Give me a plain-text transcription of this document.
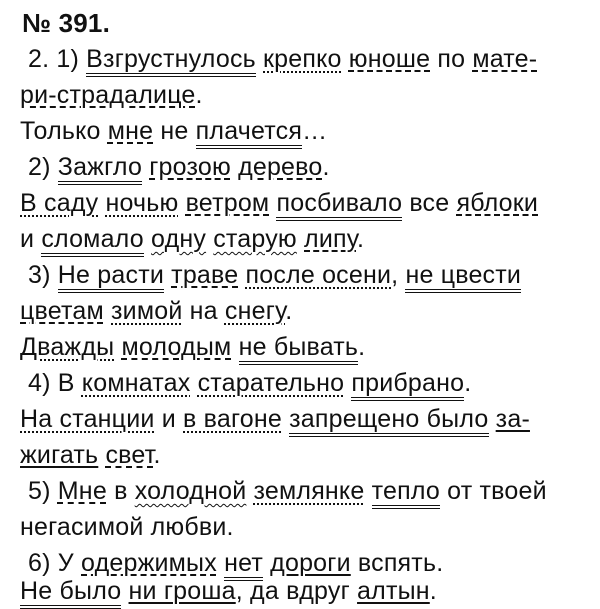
№ 391.
2. 1) Взгрустнулось крепко юноше по мате-
ри-страдалице.
Только мне не плачется…
2) Зажгло грозою дерево.
В саду ночью ветром посбивало все яблоки
и сломало одну старую липу.
3) Не расти траве после осени, не цвести
цветам зимой на снегу.
Дважды молодым не бывать.
4) В комнатах старательно прибрано.
На станции и в вагоне запрещено было за-
жигать свет.
5) Мне в холодной землянке тепло от твоей
негасимой любви.
6) У одержимых нет дороги вспять.
Не было ни гроша, да вдруг алтын.
